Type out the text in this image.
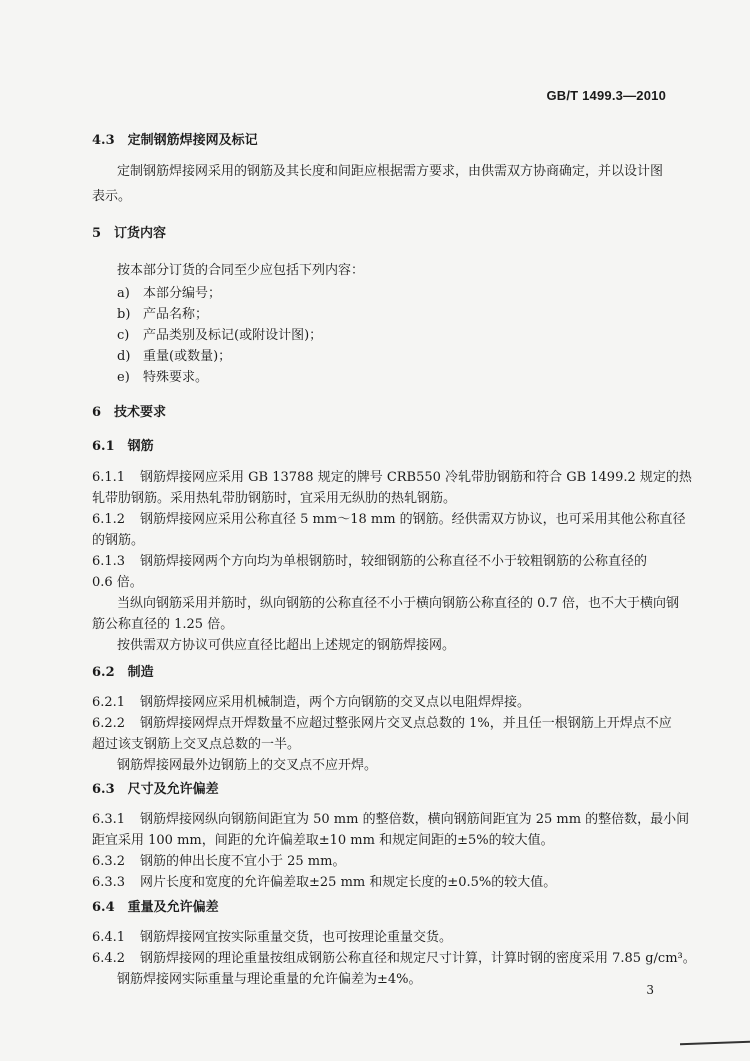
GB/T 1499.3—2010
4.3　定制钢筋焊接网及标记
定制钢筋焊接网采用的钢筋及其长度和间距应根据需方要求，由供需双方协商确定，并以设计图
表示。
5　订货内容
按本部分订货的合同至少应包括下列内容：
a) 本部分编号；
b) 产品名称；
c) 产品类别及标记(或附设计图)；
d) 重量(或数量)；
e) 特殊要求。
6　技术要求
6.1　钢筋
6.1.1 钢筋焊接网应采用 GB 13788 规定的牌号 CRB550 冷轧带肋钢筋和符合 GB 1499.2 规定的热
轧带肋钢筋。采用热轧带肋钢筋时，宜采用无纵肋的热轧钢筋。
6.1.2 钢筋焊接网应采用公称直径 5 mm～18 mm 的钢筋。经供需双方协议，也可采用其他公称直径
的钢筋。
6.1.3 钢筋焊接网两个方向均为单根钢筋时，较细钢筋的公称直径不小于较粗钢筋的公称直径的
0.6 倍。
当纵向钢筋采用并筋时，纵向钢筋的公称直径不小于横向钢筋公称直径的 0.7 倍，也不大于横向钢
筋公称直径的 1.25 倍。
按供需双方协议可供应直径比超出上述规定的钢筋焊接网。
6.2　制造
6.2.1 钢筋焊接网应采用机械制造，两个方向钢筋的交叉点以电阻焊焊接。
6.2.2 钢筋焊接网焊点开焊数量不应超过整张网片交叉点总数的 1%，并且任一根钢筋上开焊点不应
超过该支钢筋上交叉点总数的一半。
钢筋焊接网最外边钢筋上的交叉点不应开焊。
6.3　尺寸及允许偏差
6.3.1 钢筋焊接网纵向钢筋间距宜为 50 mm 的整倍数，横向钢筋间距宜为 25 mm 的整倍数，最小间
距宜采用 100 mm，间距的允许偏差取±10 mm 和规定间距的±5%的较大值。
6.3.2 钢筋的伸出长度不宜小于 25 mm。
6.3.3 网片长度和宽度的允许偏差取±25 mm 和规定长度的±0.5%的较大值。
6.4　重量及允许偏差
6.4.1 钢筋焊接网宜按实际重量交货，也可按理论重量交货。
6.4.2 钢筋焊接网的理论重量按组成钢筋公称直径和规定尺寸计算，计算时钢的密度采用 7.85 g/cm³。
钢筋焊接网实际重量与理论重量的允许偏差为±4%。
3
